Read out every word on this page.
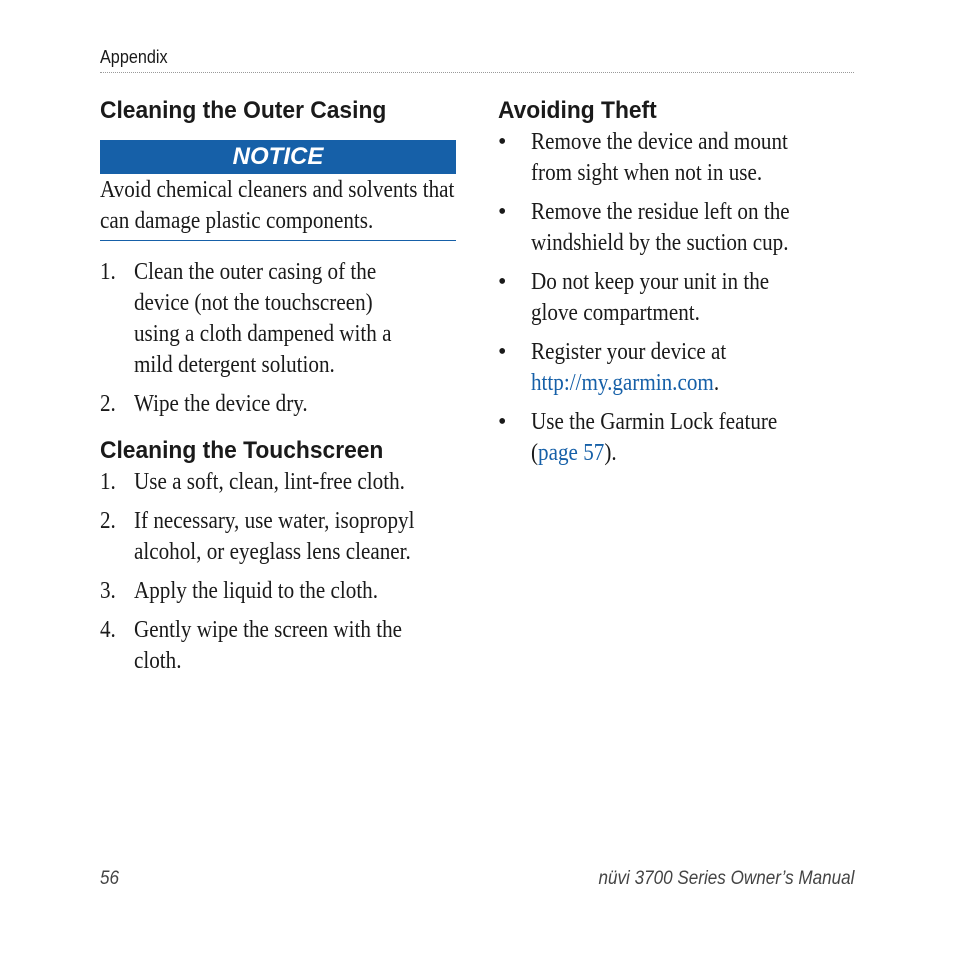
Appendix
Cleaning the Outer Casing
NOTICE
Avoid chemical cleaners and solvents that can damage plastic components.
1. Clean the outer casing of the device (not the touchscreen) using a cloth dampened with a mild detergent solution.
2. Wipe the device dry.
Cleaning the Touchscreen
1. Use a soft, clean, lint-free cloth.
2. If necessary, use water, isopropyl alcohol, or eyeglass lens cleaner.
3. Apply the liquid to the cloth.
4. Gently wipe the screen with the cloth.
Avoiding Theft
•	Remove the device and mount from sight when not in use.
•	Remove the residue left on the windshield by the suction cup.
•	Do not keep your unit in the glove compartment.
•	Register your device at http://my.garmin.com.
•	Use the Garmin Lock feature (page 57).
56	nüvi 3700 Series Owner’s Manual
